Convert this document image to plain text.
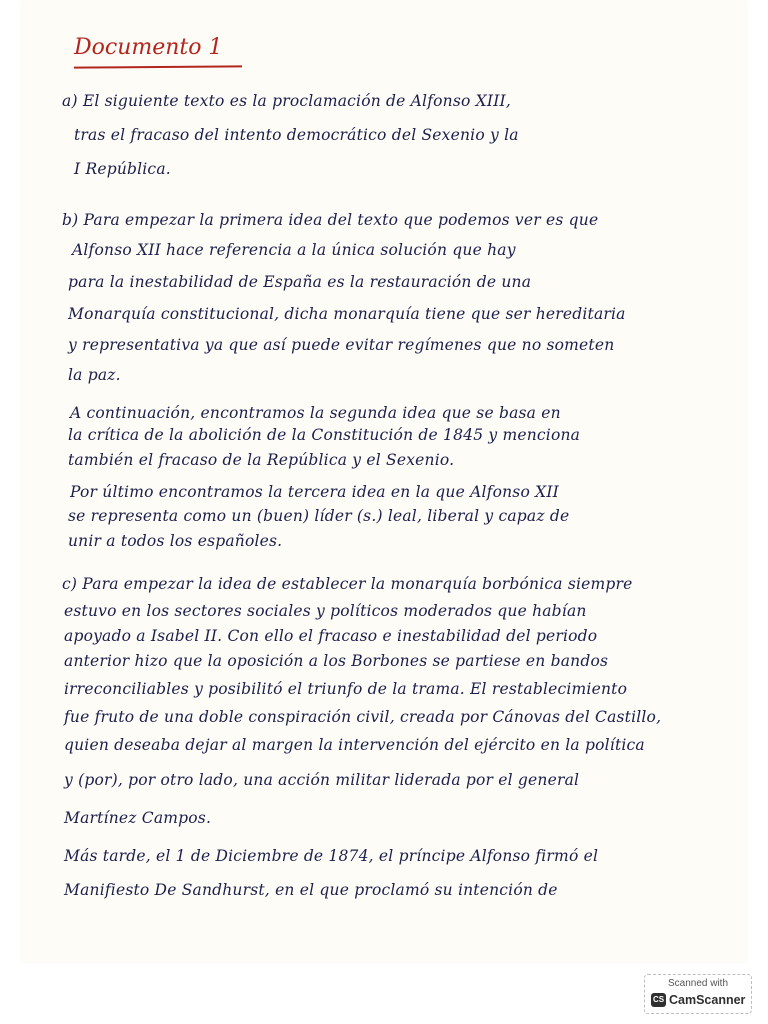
Documento 1
a) El siguiente texto es la proclamación de Alfonso XIII,
tras el fracaso del intento democrático del Sexenio y la
I República.
b) Para empezar la primera idea del texto que podemos ver es que
Alfonso XII hace referencia a la única solución que hay
para la inestabilidad de España es la restauración de una
Monarquía constitucional, dicha monarquía tiene que ser hereditaria
y representativa ya que así puede evitar regímenes que no someten
la paz.
A continuación, encontramos la segunda idea que se basa en
la crítica de la abolición de la Constitución de 1845 y menciona
también el fracaso de la República y el Sexenio.
Por último encontramos la tercera idea en la que Alfonso XII
se representa como un (buen) líder (s.) leal, liberal y capaz de
unir a todos los españoles.
c) Para empezar la idea de establecer la monarquía borbónica siempre
estuvo en los sectores sociales y políticos moderados que habían
apoyado a Isabel II. Con ello el fracaso e inestabilidad del periodo
anterior hizo que la oposición a los Borbones se partiese en bandos
irreconciliables y posibilitó el triunfo de la trama. El restablecimiento
fue fruto de una doble conspiración civil, creada por Cánovas del Castillo,
quien deseaba dejar al margen la intervención del ejército en la política
y (por), por otro lado, una acción militar liderada por el general
Martínez Campos.
Más tarde, el 1 de Diciembre de 1874, el príncipe Alfonso firmó el
Manifiesto De Sandhurst, en el que proclamó su intención de
Scanned with
CS CamScanner
